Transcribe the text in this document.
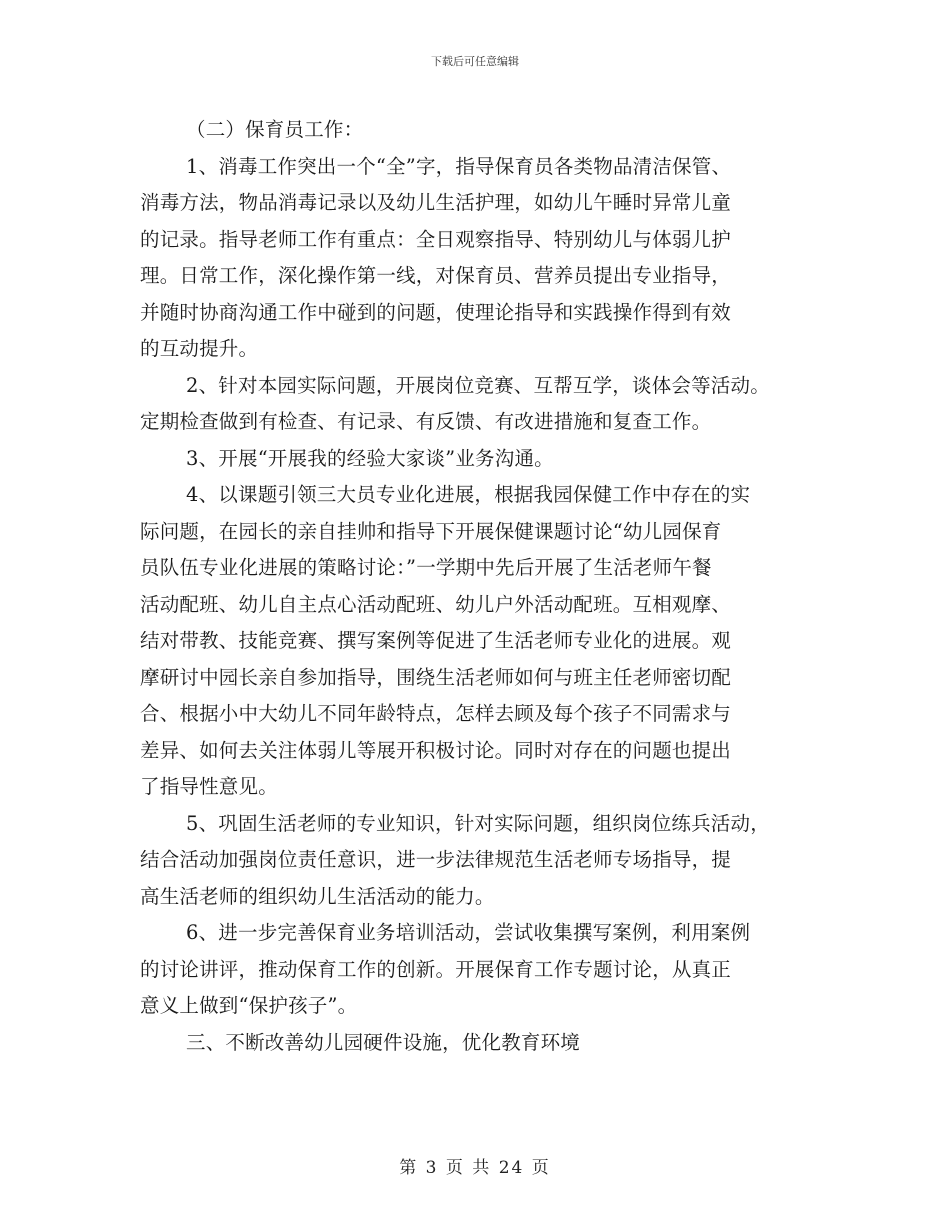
下载后可任意编辑
（二）保育员工作：
1、消毒工作突出一个“全”字，指导保育员各类物品清洁保管、
消毒方法，物品消毒记录以及幼儿生活护理，如幼儿午睡时异常儿童
的记录。指导老师工作有重点：全日观察指导、特别幼儿与体弱儿护
理。日常工作，深化操作第一线，对保育员、营养员提出专业指导，
并随时协商沟通工作中碰到的问题，使理论指导和实践操作得到有效
的互动提升。
2、针对本园实际问题，开展岗位竞赛、互帮互学，谈体会等活动。
定期检查做到有检查、有记录、有反馈、有改进措施和复查工作。
3、开展“开展我的经验大家谈”业务沟通。
4、以课题引领三大员专业化进展，根据我园保健工作中存在的实
际问题，在园长的亲自挂帅和指导下开展保健课题讨论“幼儿园保育
员队伍专业化进展的策略讨论：”一学期中先后开展了生活老师午餐
活动配班、幼儿自主点心活动配班、幼儿户外活动配班。互相观摩、
结对带教、技能竞赛、撰写案例等促进了生活老师专业化的进展。观
摩研讨中园长亲自参加指导，围绕生活老师如何与班主任老师密切配
合、根据小中大幼儿不同年龄特点，怎样去顾及每个孩子不同需求与
差异、如何去关注体弱儿等展开积极讨论。同时对存在的问题也提出
了指导性意见。
5、巩固生活老师的专业知识，针对实际问题，组织岗位练兵活动，
结合活动加强岗位责任意识，进一步法律规范生活老师专场指导，提
高生活老师的组织幼儿生活活动的能力。
6、进一步完善保育业务培训活动，尝试收集撰写案例，利用案例
的讨论讲评，推动保育工作的创新。开展保育工作专题讨论，从真正
意义上做到“保护孩子”。
三、不断改善幼儿园硬件设施，优化教育环境
第 3 页 共 24 页
